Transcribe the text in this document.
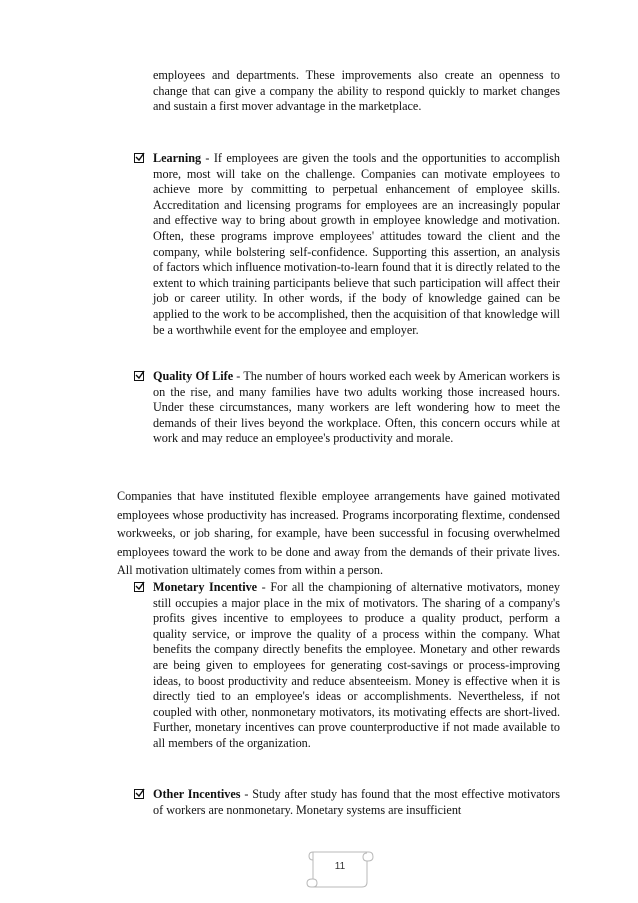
employees and departments. These improvements also create an openness to change that can give a company the ability to respond quickly to market changes and sustain a first mover advantage in the marketplace.

Learning - If employees are given the tools and the opportunities to accomplish more, most will take on the challenge. Companies can motivate employees to achieve more by committing to perpetual enhancement of employee skills. Accreditation and licensing programs for employees are an increasingly popular and effective way to bring about growth in employee knowledge and motivation. Often, these programs improve employees' attitudes toward the client and the company, while bolstering self-confidence. Supporting this assertion, an analysis of factors which influence motivation-to-learn found that it is directly related to the extent to which training participants believe that such participation will affect their job or career utility. In other words, if the body of knowledge gained can be applied to the work to be accomplished, then the acquisition of that knowledge will be a worthwhile event for the employee and employer.

Quality Of Life - The number of hours worked each week by American workers is on the rise, and many families have two adults working those increased hours. Under these circumstances, many workers are left wondering how to meet the demands of their lives beyond the workplace. Often, this concern occurs while at work and may reduce an employee's productivity and morale.

Companies that have instituted flexible employee arrangements have gained motivated employees whose productivity has increased. Programs incorporating flextime, condensed workweeks, or job sharing, for example, have been successful in focusing overwhelmed employees toward the work to be done and away from the demands of their private lives. All motivation ultimately comes from within a person.

Monetary Incentive - For all the championing of alternative motivators, money still occupies a major place in the mix of motivators. The sharing of a company's profits gives incentive to employees to produce a quality product, perform a quality service, or improve the quality of a process within the company. What benefits the company directly benefits the employee. Monetary and other rewards are being given to employees for generating cost-savings or process-improving ideas, to boost productivity and reduce absenteeism. Money is effective when it is directly tied to an employee's ideas or accomplishments. Nevertheless, if not coupled with other, nonmonetary motivators, its motivating effects are short-lived. Further, monetary incentives can prove counterproductive if not made available to all members of the organization.

Other Incentives - Study after study has found that the most effective motivators of workers are nonmonetary. Monetary systems are insufficient

11
